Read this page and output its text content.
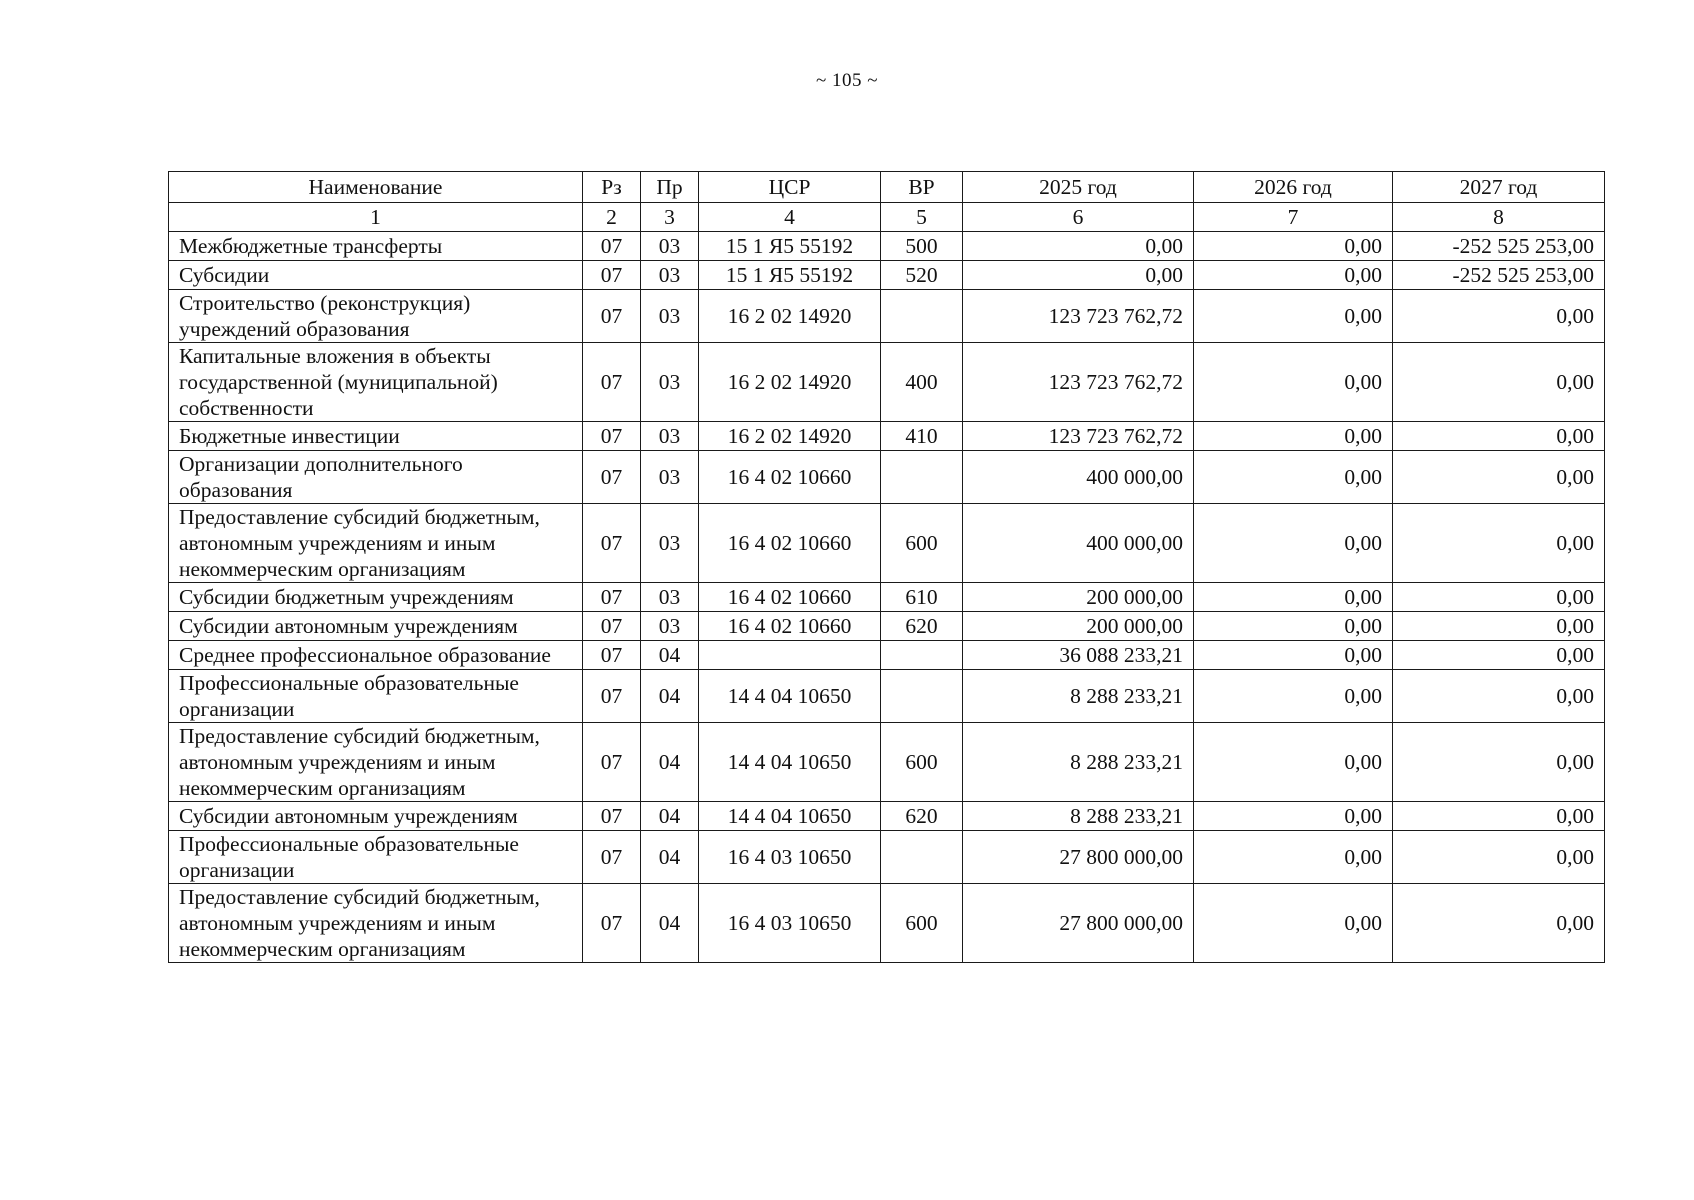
~ 105 ~
Наименование	Рз	Пр	ЦСР	ВР	2025 год	2026 год	2027 год
1	2	3	4	5	6	7	8
Межбюджетные трансферты	07	03	15 1 Я5 55192	500	0,00	0,00	-252 525 253,00
Субсидии	07	03	15 1 Я5 55192	520	0,00	0,00	-252 525 253,00
Строительство (реконструкция) учреждений образования	07	03	16 2 02 14920		123 723 762,72	0,00	0,00
Капитальные вложения в объекты государственной (муниципальной) собственности	07	03	16 2 02 14920	400	123 723 762,72	0,00	0,00
Бюджетные инвестиции	07	03	16 2 02 14920	410	123 723 762,72	0,00	0,00
Организации дополнительного образования	07	03	16 4 02 10660		400 000,00	0,00	0,00
Предоставление субсидий бюджетным, автономным учреждениям и иным некоммерческим организациям	07	03	16 4 02 10660	600	400 000,00	0,00	0,00
Субсидии бюджетным учреждениям	07	03	16 4 02 10660	610	200 000,00	0,00	0,00
Субсидии автономным учреждениям	07	03	16 4 02 10660	620	200 000,00	0,00	0,00
Среднее профессиональное образование	07	04			36 088 233,21	0,00	0,00
Профессиональные образовательные организации	07	04	14 4 04 10650		8 288 233,21	0,00	0,00
Предоставление субсидий бюджетным, автономным учреждениям и иным некоммерческим организациям	07	04	14 4 04 10650	600	8 288 233,21	0,00	0,00
Субсидии автономным учреждениям	07	04	14 4 04 10650	620	8 288 233,21	0,00	0,00
Профессиональные образовательные организации	07	04	16 4 03 10650		27 800 000,00	0,00	0,00
Предоставление субсидий бюджетным, автономным учреждениям и иным некоммерческим организациям	07	04	16 4 03 10650	600	27 800 000,00	0,00	0,00
